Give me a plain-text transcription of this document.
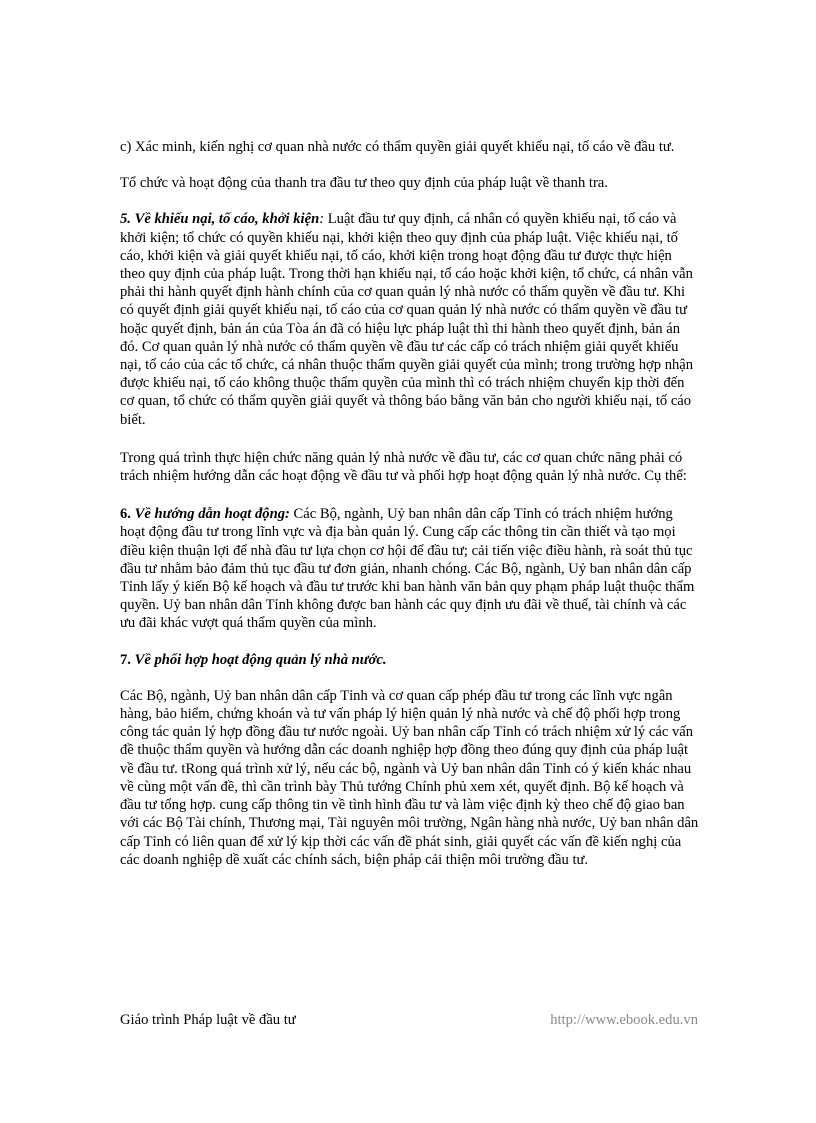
c) Xác minh, kiến nghị cơ quan nhà nước có thẩm quyền giải quyết khiếu nại, tố cáo về đầu tư.

Tổ chức và hoạt động của thanh tra đầu tư theo quy định của pháp luật về thanh tra.

5. Về khiếu nại, tố cáo, khởi kiện: Luật đầu tư quy định, cá nhân có quyền khiếu nại, tố cáo và khởi kiện; tổ chức có quyền khiếu nại, khởi kiện theo quy định của pháp luật. Việc khiếu nại, tố cáo, khởi kiện và giải quyết khiếu nại, tố cáo, khởi kiện trong hoạt động đầu tư được thực hiện theo quy định của pháp luật. Trong thời hạn khiếu nại, tố cáo hoặc khởi kiện, tổ chức, cá nhân vẫn phải thi hành quyết định hành chính của cơ quan quản lý nhà nước có thẩm quyền về đầu tư. Khi có quyết định giải quyết khiếu nại, tố cáo của cơ quan quản lý nhà nước có thẩm quyền về đầu tư hoặc quyết định, bản án của Tòa án đã có hiệu lực pháp luật thì thi hành theo quyết định, bản án đó. Cơ quan quản lý nhà nước có thẩm quyền về đầu tư các cấp có trách nhiệm giải quyết khiếu nại, tố cáo của các tổ chức, cá nhân thuộc thẩm quyền giải quyết của mình; trong trường hợp nhận được khiếu nại, tố cáo không thuộc thẩm quyền của mình thì có trách nhiệm chuyển kịp thời đến cơ quan, tổ chức có thẩm quyền giải quyết và thông báo bằng văn bản cho người khiếu nại, tố cáo biết.

Trong quá trình thực hiện chức năng quản lý nhà nước về đầu tư, các cơ quan chức năng phải có trách nhiệm hướng dẫn các hoạt động về đầu tư và phối hợp hoạt động quản lý nhà nước. Cụ thể:

6. Về hướng dẫn hoạt động: Các Bộ, ngành, Uỷ ban nhân dân cấp Tỉnh có trách nhiệm hướng hoạt động đầu tư trong lĩnh vực và địa bàn quản lý. Cung cấp các thông tin cần thiết và tạo mọi điều kiện thuận lợi để nhà đầu tư lựa chọn cơ hội để đầu tư; cải tiến việc điều hành, rà soát thủ tục đầu tư nhằm bảo đảm thủ tục đầu tư đơn giản, nhanh chóng. Các Bộ, ngành, Uỷ ban nhân dân cấp Tỉnh lấy ý kiến Bộ kế hoạch và đầu tư trước khi ban hành văn bản quy phạm pháp luật thuộc thẩm quyền. Uỷ ban nhân dân Tỉnh không được ban hành các quy định ưu đãi về thuế, tài chính và các ưu đãi khác vượt quá thẩm quyền của mình.

7. Về phối hợp hoạt động quản lý nhà nước.

Các Bộ, ngành, Uỷ ban nhân dân cấp Tỉnh và cơ quan cấp phép đầu tư trong các lĩnh vực ngân hàng, bảo hiểm, chứng khoán và tư vấn pháp lý hiện quản lý nhà nước và chế độ phối hợp trong công tác quản lý hợp đồng đầu tư nước ngoài. Uỷ ban nhân cấp Tỉnh có trách nhiệm xử lý các vấn đề thuộc thẩm quyền và hướng dẫn các doanh nghiệp hợp đồng theo đúng quy định của pháp luật về đầu tư. tRong quá trình xử lý, nếu các bộ, ngành và Uỷ ban nhân dân Tỉnh có ý kiến khác nhau về cùng một vấn đề, thì cần trình bày Thủ tướng Chính phủ xem xét, quyết định. Bộ kế hoạch và đầu tư tổng hợp. cung cấp thông tin về tình hình đầu tư và làm việc định kỳ theo chế độ giao ban với các Bộ Tài chính, Thương mại, Tài nguyên môi trường, Ngân hàng nhà nước, Uỷ ban nhân dân cấp Tỉnh có liên quan để xử lý kịp thời các vấn đề phát sinh, giải quyết các vấn đề kiến nghị của các doanh nghiệp dề xuất các chính sách, biện pháp cải thiện môi trường đầu tư.

Giáo trình Pháp luật về đầu tư	http://www.ebook.edu.vn
